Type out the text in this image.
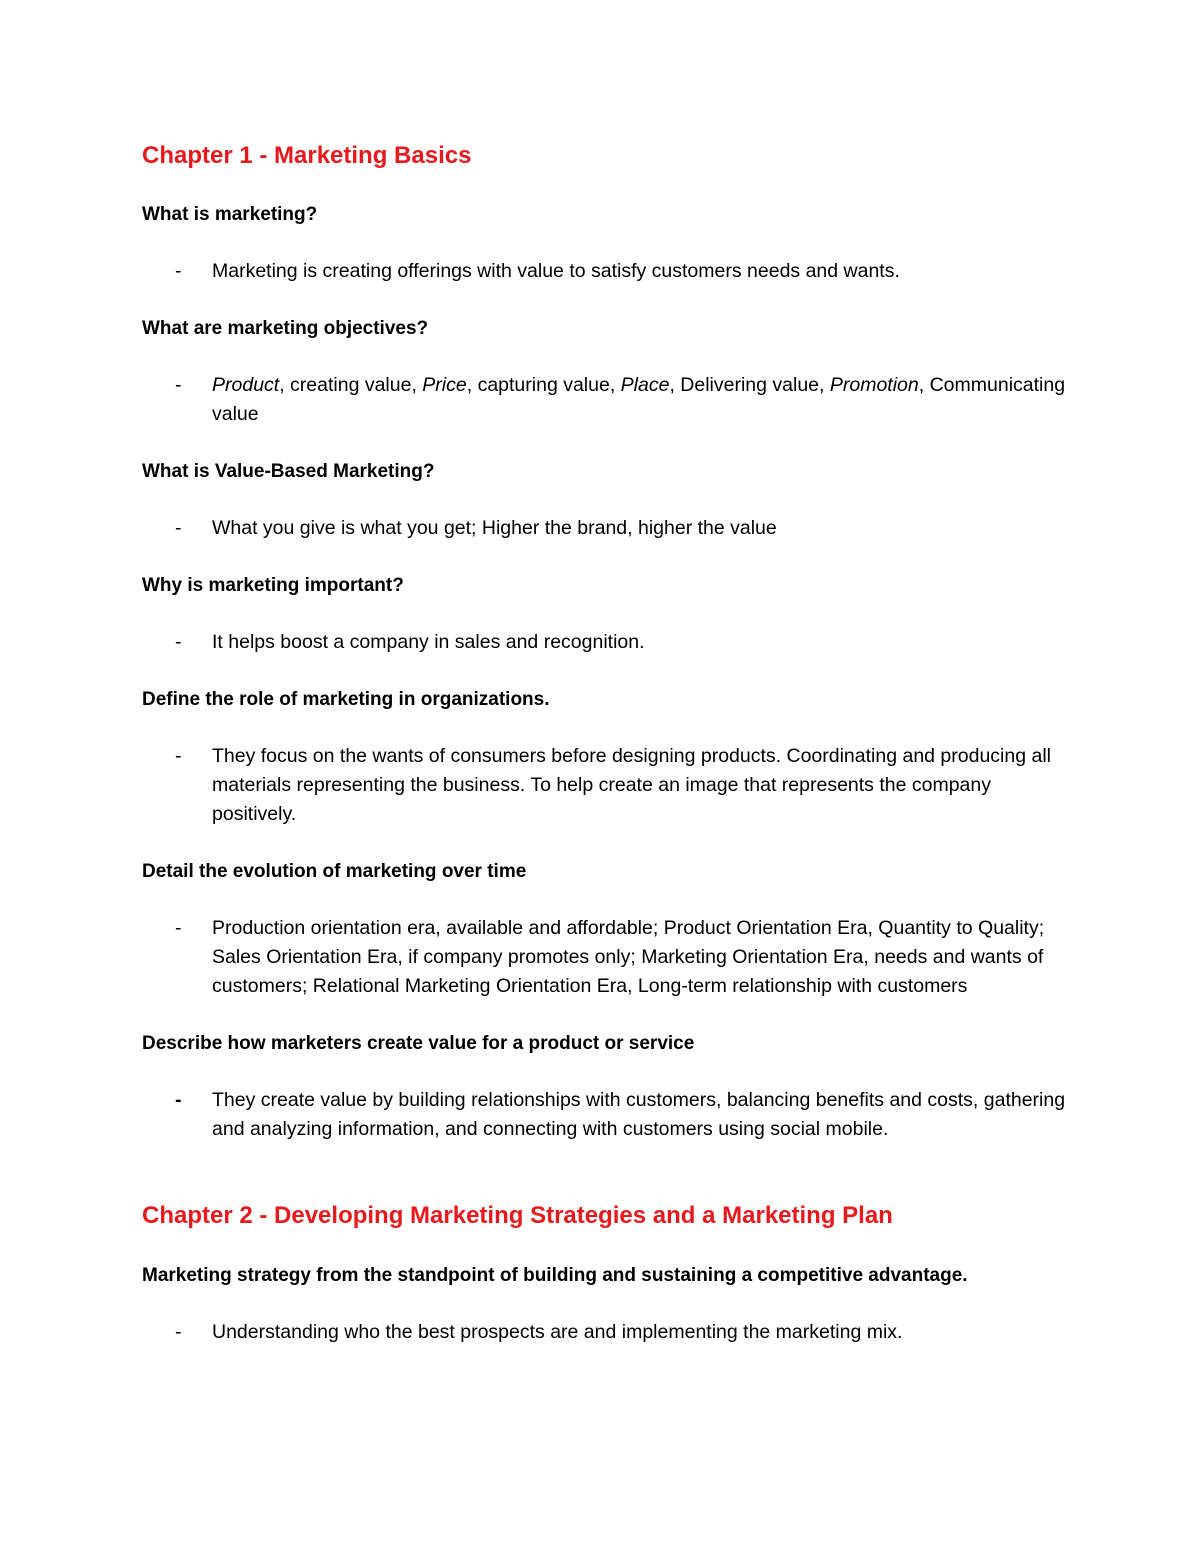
Chapter 1 - Marketing Basics

What is marketing?

- Marketing is creating offerings with value to satisfy customers needs and wants.

What are marketing objectives?

- Product, creating value, Price, capturing value, Place, Delivering value, Promotion, Communicating value

What is Value-Based Marketing?

- What you give is what you get; Higher the brand, higher the value

Why is marketing important?

- It helps boost a company in sales and recognition.

Define the role of marketing in organizations.

- They focus on the wants of consumers before designing products. Coordinating and producing all materials representing the business. To help create an image that represents the company positively.

Detail the evolution of marketing over time

- Production orientation era, available and affordable; Product Orientation Era, Quantity to Quality; Sales Orientation Era, if company promotes only; Marketing Orientation Era, needs and wants of customers; Relational Marketing Orientation Era, Long-term relationship with customers

Describe how marketers create value for a product or service

- They create value by building relationships with customers, balancing benefits and costs, gathering and analyzing information, and connecting with customers using social mobile.

Chapter 2 - Developing Marketing Strategies and a Marketing Plan

Marketing strategy from the standpoint of building and sustaining a competitive advantage.

- Understanding who the best prospects are and implementing the marketing mix.
